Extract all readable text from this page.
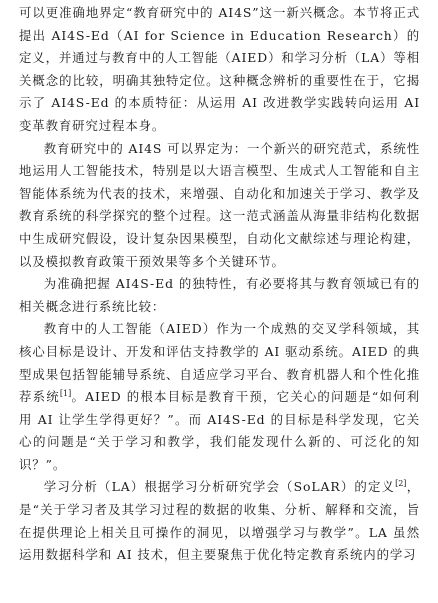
可以更准确地界定“教育研究中的 AI4S”这一新兴概念。本节将正式提出 AI4S-Ed（AI for Science in Education Research）的定义，并通过与教育中的人工智能（AIED）和学习分析（LA）等相关概念的比较，明确其独特定位。这种概念辨析的重要性在于，它揭示了 AI4S-Ed 的本质特征：从运用 AI 改进教学实践转向运用 AI 变革教育研究过程本身。

教育研究中的 AI4S 可以界定为：一个新兴的研究范式，系统性地运用人工智能技术，特别是以大语言模型、生成式人工智能和自主智能体系统为代表的技术，来增强、自动化和加速关于学习、教学及教育系统的科学探究的整个过程。这一范式涵盖从海量非结构化数据中生成研究假设，设计复杂因果模型，自动化文献综述与理论构建，以及模拟教育政策干预效果等多个关键环节。

为准确把握 AI4S-Ed 的独特性，有必要将其与教育领域已有的相关概念进行系统比较：

教育中的人工智能（AIED）作为一个成熟的交叉学科领域，其核心目标是设计、开发和评估支持教学的 AI 驱动系统。AIED 的典型成果包括智能辅导系统、自适应学习平台、教育机器人和个性化推荐系统[1]。AIED 的根本目标是教育干预，它关心的问题是“如何利用 AI 让学生学得更好？”。而 AI4S-Ed 的目标是科学发现，它关心的问题是“关于学习和教学，我们能发现什么新的、可泛化的知识？”。

学习分析（LA）根据学习分析研究学会（SoLAR）的定义[2]，是“关于学习者及其学习过程的数据的收集、分析、解释和交流，旨在提供理论上相关且可操作的洞见，以增强学习与教学”。LA 虽然运用数据科学和 AI 技术，但主要聚焦于优化特定教育系统内的学习
